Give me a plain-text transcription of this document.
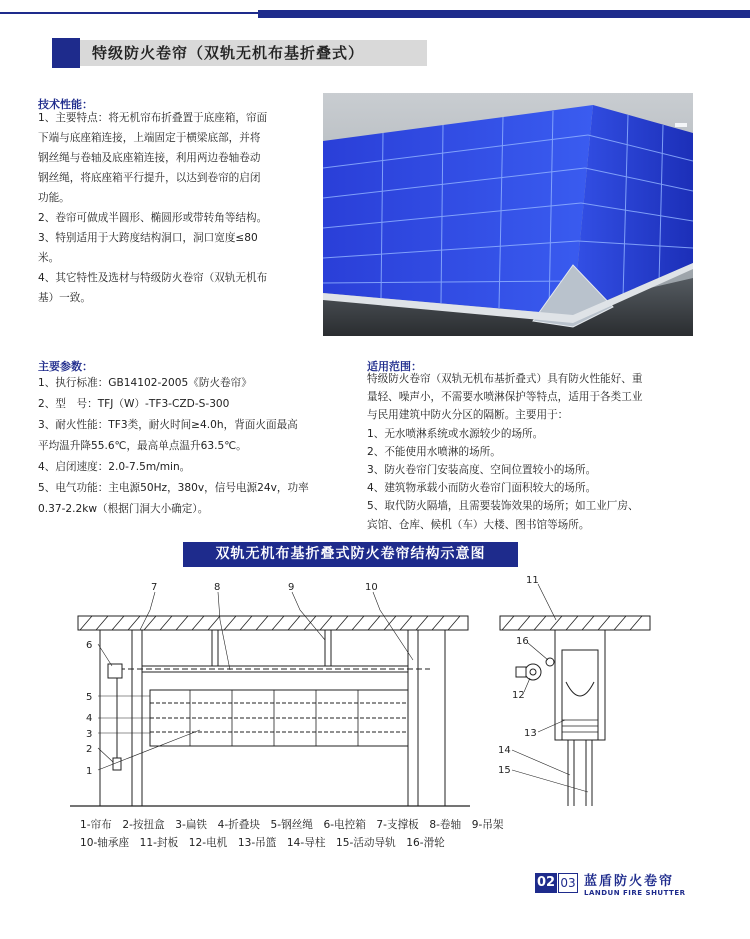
特级防火卷帘（双轨无机布基折叠式）
技术性能：

1、主要特点：将无机帘布折叠置于底座箱，帘面

下端与底座箱连接，上端固定于横梁底部，并将

钢丝绳与卷轴及底座箱连接，利用两边卷轴卷动

钢丝绳，将底座箱平行提升，以达到卷帘的启闭

功能。

2、卷帘可做成半圆形、椭圆形或带转角等结构。

3、特别适用于大跨度结构洞口，洞口宽度≤80

米。

4、其它特性及选材与特级防火卷帘（双轨无机布

基）一致。

主要参数：

1、执行标准：GB14102-2005《防火卷帘》

2、型　号：TFJ（W）-TF3-CZD-S-300

3、耐火性能：TF3类，耐火时间≥4.0h，背面火面最高

平均温升降55.6℃，最高单点温升63.5℃。

4、启闭速度：2.0-7.5m/min。

5、电气功能：主电源50Hz，380v，信号电源24v，功率

0.37-2.2kw（根据门洞大小确定）。

适用范围：

特级防火卷帘（双轨无机布基折叠式）具有防火性能好、重

量轻、噪声小，不需要水喷淋保护等特点，适用于各类工业

与民用建筑中防火分区的隔断。主要用于：

1、无水喷淋系统或水源较少的场所。

2、不能使用水喷淋的场所。

3、防火卷帘门安装高度、空间位置较小的场所。

4、建筑物承载小而防火卷帘门面积较大的场所。

5、取代防火隔墙，且需要装饰效果的场所；如工业厂房、

宾馆、仓库、候机（车）大楼、图书馆等场所。

双轨无机布基折叠式防火卷帘结构示意图
7	8	9	10
6
5
4
3
2
1
11
16
12
13
14
15
1-帘布　2-按扭盒　3-扁铁　4-折叠块　5-钢丝绳　6-电控箱　7-支撑板　8-卷轴　9-吊架
10-轴承座　11-封板　12-电机　13-吊篮　14-导柱　15-活动导轨　16-滑轮
02 03 蓝盾防火卷帘
LANDUN FIRE SHUTTER
